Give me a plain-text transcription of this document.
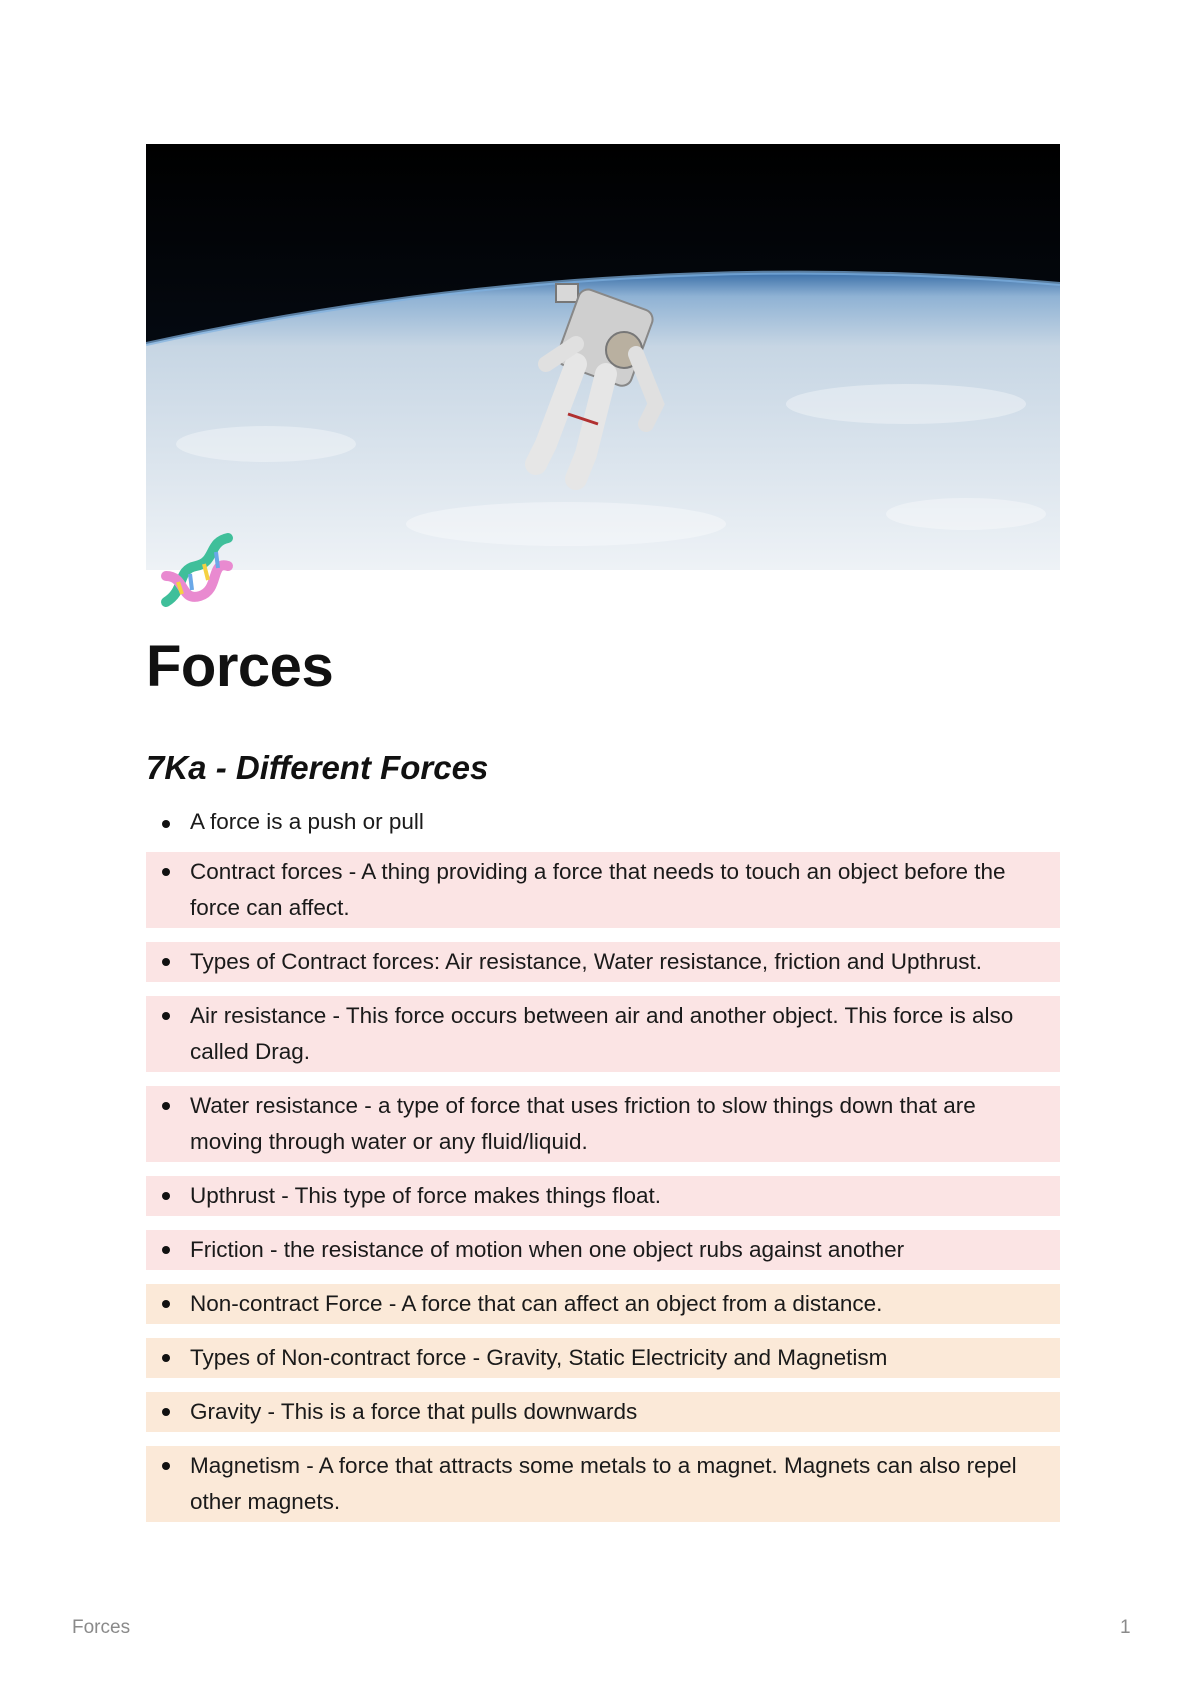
Forces
7Ka - Different Forces
A force is a push or pull
Contract forces - A thing providing a force that needs to touch an object before the force can affect.
Types of Contract forces: Air resistance, Water resistance, friction and Upthrust.
Air resistance - This force occurs between air and another object. This force is also called Drag.
Water resistance - a type of force that uses friction to slow things down that are moving through water or any fluid/liquid.
Upthrust - This type of force makes things float.
Friction - the resistance of motion when one object rubs against another
Non-contract Force - A force that can affect an object from a distance.
Types of Non-contract force - Gravity, Static Electricity and Magnetism
Gravity - This is a force that pulls downwards
Magnetism - A force that attracts some metals to a magnet. Magnets can also repel other magnets.
Forces	1
